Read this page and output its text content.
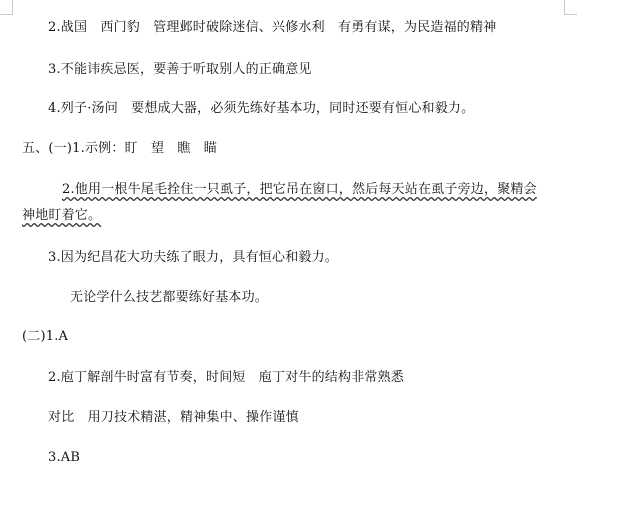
2.战国　西门豹　管理邺时破除迷信、兴修水利　有勇有谋，为民造福的精神
3.不能讳疾忌医，要善于听取别人的正确意见
4.列子·汤问　要想成大器，必须先练好基本功，同时还要有恒心和毅力。
五、(一)1.示例：盯　望　瞧　瞄
2.他用一根牛尾毛拴住一只虱子，把它吊在窗口，然后每天站在虱子旁边，聚精会
神地盯着它。
3.因为纪昌花大功夫练了眼力，具有恒心和毅力。
无论学什么技艺都要练好基本功。
(二)1.A
2.庖丁解剖牛时富有节奏，时间短　庖丁对牛的结构非常熟悉
对比　用刀技术精湛，精神集中、操作谨慎
3.AB
